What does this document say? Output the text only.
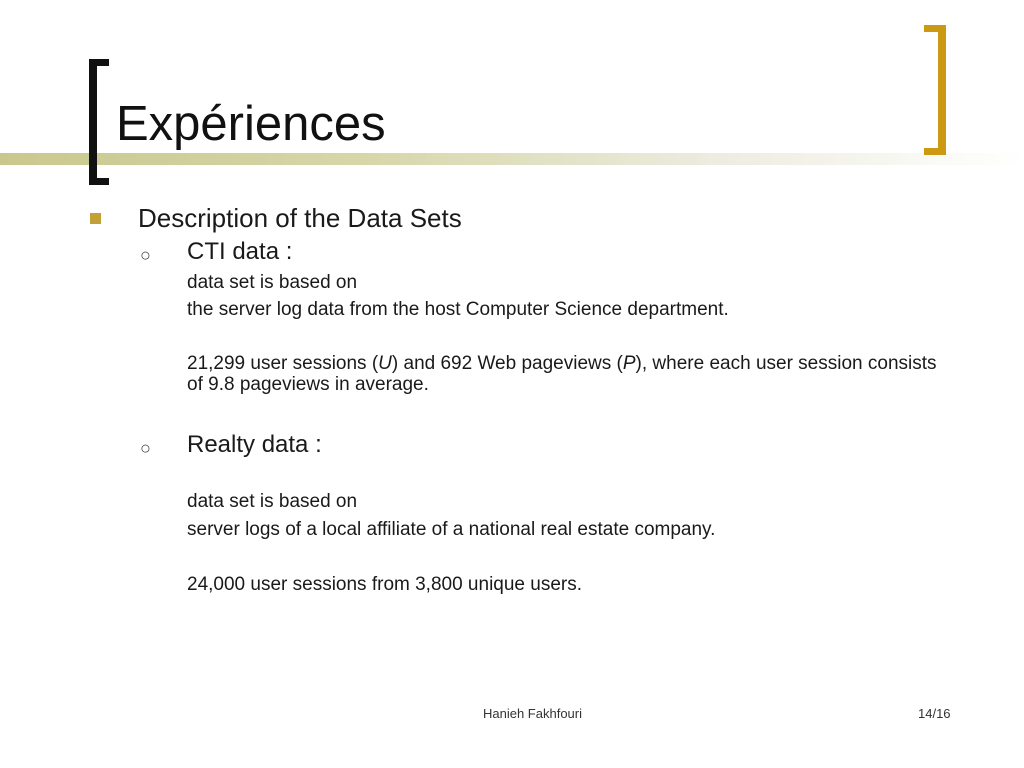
Expériences
Description of the Data Sets
○ CTI data :
data set is based on
the server log data from the host Computer Science department.
21,299 user sessions (U) and 692 Web pageviews (P), where each user session consists of 9.8 pageviews in average.
○ Realty data :
data set is based on
server logs of a local affiliate of a national real estate company.
24,000 user sessions from 3,800 unique users.
Hanieh Fakhfouri	14/16
